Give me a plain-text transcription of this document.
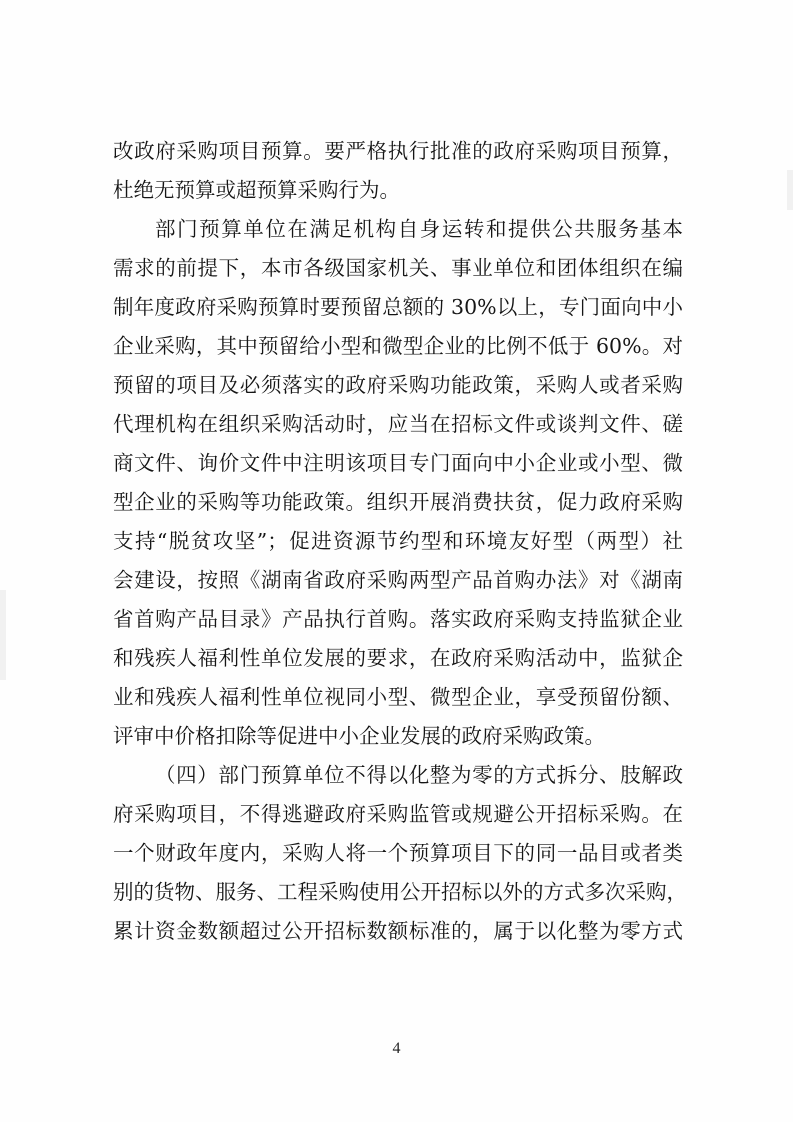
改政府采购项目预算。要严格执行批准的政府采购项目预算，
杜绝无预算或超预算采购行为。
部门预算单位在满足机构自身运转和提供公共服务基本
需求的前提下，本市各级国家机关、事业单位和团体组织在编
制年度政府采购预算时要预留总额的 30%以上，专门面向中小
企业采购，其中预留给小型和微型企业的比例不低于 60%。对
预留的项目及必须落实的政府采购功能政策，采购人或者采购
代理机构在组织采购活动时，应当在招标文件或谈判文件、磋
商文件、询价文件中注明该项目专门面向中小企业或小型、微
型企业的采购等功能政策。组织开展消费扶贫，促力政府采购
支持“脱贫攻坚”；促进资源节约型和环境友好型（两型）社
会建设，按照《湖南省政府采购两型产品首购办法》对《湖南
省首购产品目录》产品执行首购。落实政府采购支持监狱企业
和残疾人福利性单位发展的要求，在政府采购活动中，监狱企
业和残疾人福利性单位视同小型、微型企业，享受预留份额、
评审中价格扣除等促进中小企业发展的政府采购政策。
（四）部门预算单位不得以化整为零的方式拆分、肢解政
府采购项目，不得逃避政府采购监管或规避公开招标采购。在
一个财政年度内，采购人将一个预算项目下的同一品目或者类
别的货物、服务、工程采购使用公开招标以外的方式多次采购，
累计资金数额超过公开招标数额标准的，属于以化整为零方式
4
